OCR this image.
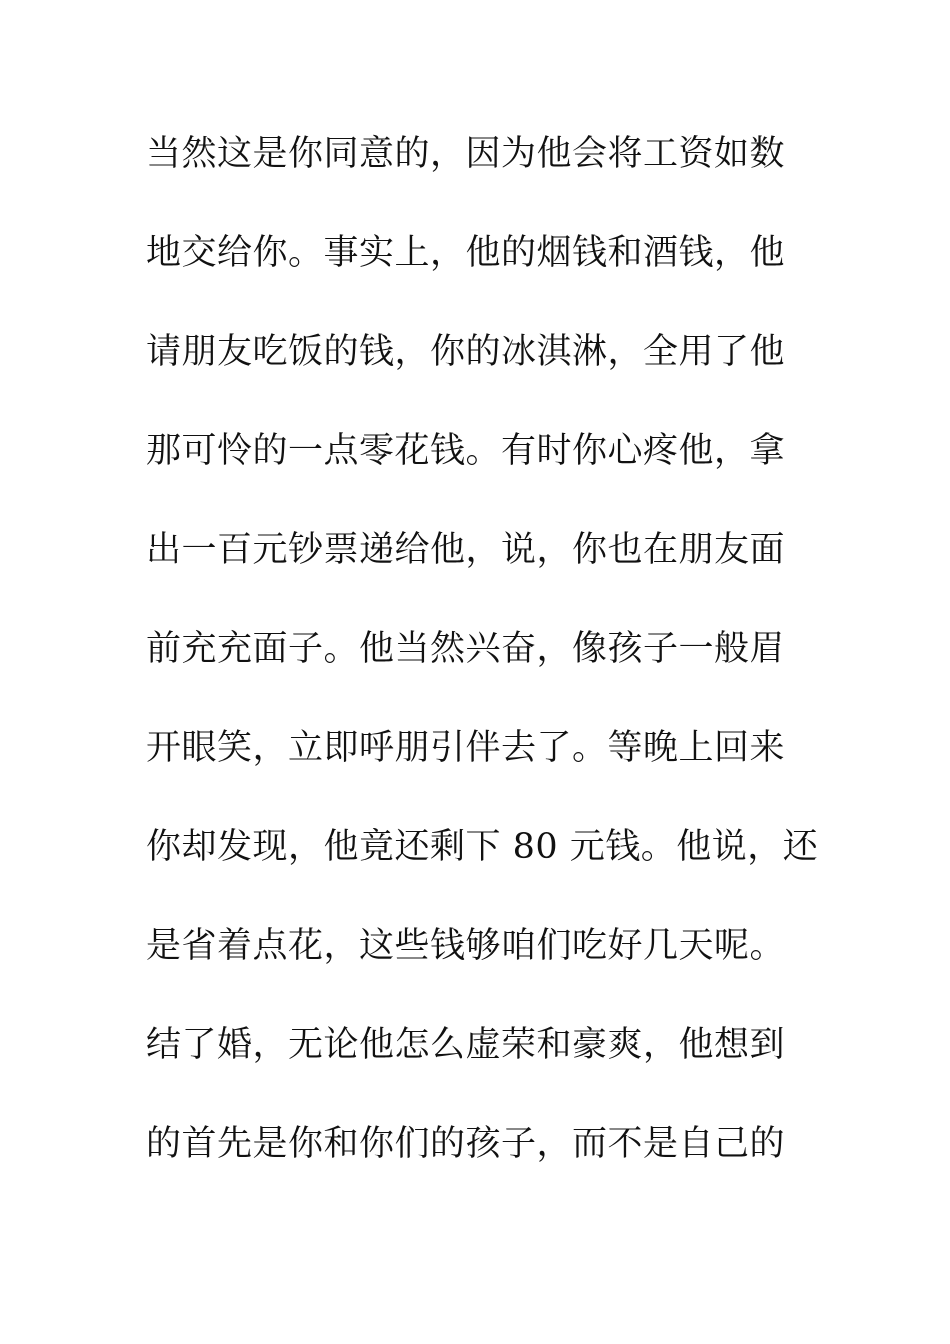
当然这是你同意的，因为他会将工资如数
地交给你。事实上，他的烟钱和酒钱，他
请朋友吃饭的钱，你的冰淇淋，全用了他
那可怜的一点零花钱。有时你心疼他，拿
出一百元钞票递给他，说，你也在朋友面
前充充面子。他当然兴奋，像孩子一般眉
开眼笑，立即呼朋引伴去了。等晚上回来
你却发现，他竟还剩下 80 元钱。他说，还
是省着点花，这些钱够咱们吃好几天呢。
结了婚，无论他怎么虚荣和豪爽，他想到
的首先是你和你们的孩子，而不是自己的
